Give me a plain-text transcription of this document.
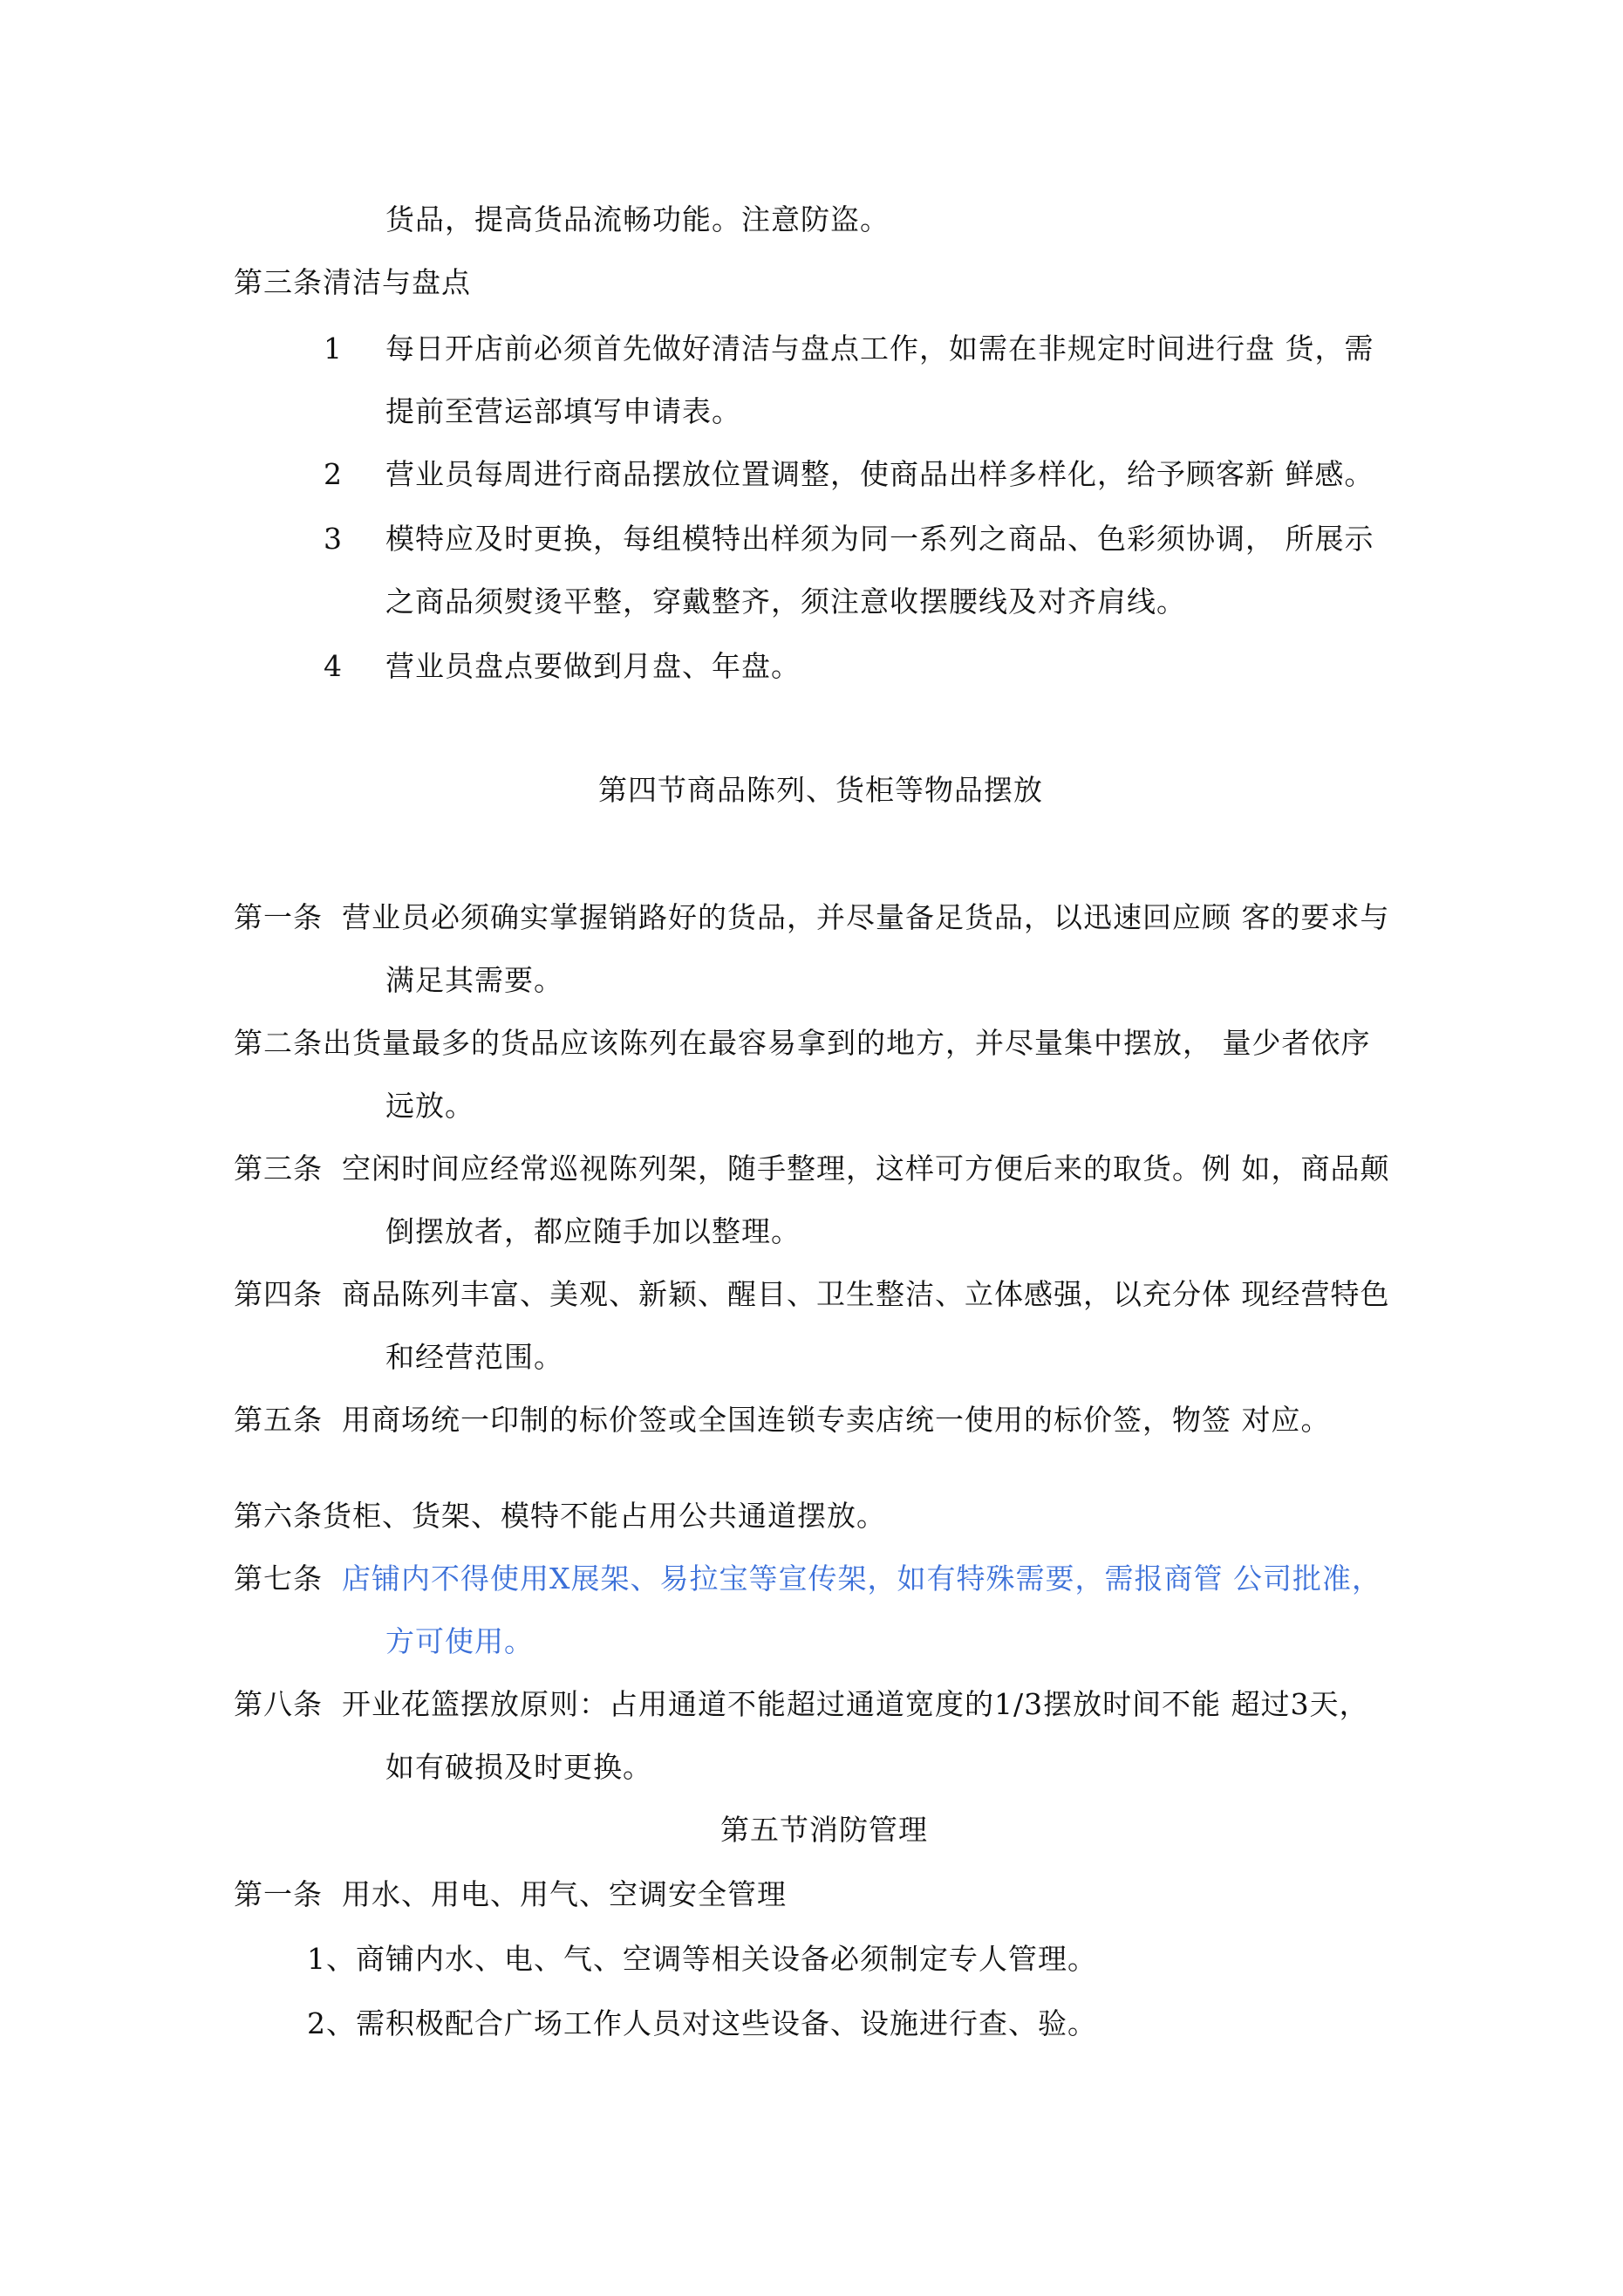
货品，提高货品流畅功能。注意防盗。
第三条清洁与盘点
1 每日开店前必须首先做好清洁与盘点工作，如需在非规定时间进行盘 货，需
提前至营运部填写申请表。
2 营业员每周进行商品摆放位置调整，使商品出样多样化，给予顾客新 鲜感。
3 模特应及时更换，每组模特出样须为同一系列之商品、色彩须协调， 所展示
之商品须熨烫平整，穿戴整齐，须注意收摆腰线及对齐肩线。
4 营业员盘点要做到月盘、年盘。
第四节商品陈列、货柜等物品摆放
第一条 营业员必须确实掌握销路好的货品，并尽量备足货品，以迅速回应顾 客的要求与
满足其需要。
第二条出货量最多的货品应该陈列在最容易拿到的地方，并尽量集中摆放， 量少者依序
远放。
第三条 空闲时间应经常巡视陈列架，随手整理，这样可方便后来的取货。例 如，商品颠
倒摆放者，都应随手加以整理。
第四条 商品陈列丰富、美观、新颖、醒目、卫生整洁、立体感强，以充分体 现经营特色
和经营范围。
第五条 用商场统一印制的标价签或全国连锁专卖店统一使用的标价签，物签 对应。
第六条货柜、货架、模特不能占用公共通道摆放。
第七条 店铺内不得使用X展架、易拉宝等宣传架，如有特殊需要，需报商管 公司批准，
方可使用。
第八条 开业花篮摆放原则：占用通道不能超过通道宽度的1/3摆放时间不能 超过3天，
如有破损及时更换。
第五节消防管理
第一条 用水、用电、用气、空调安全管理
1、商铺内水、电、气、空调等相关设备必须制定专人管理。
2、需积极配合广场工作人员对这些设备、设施进行查、验。
